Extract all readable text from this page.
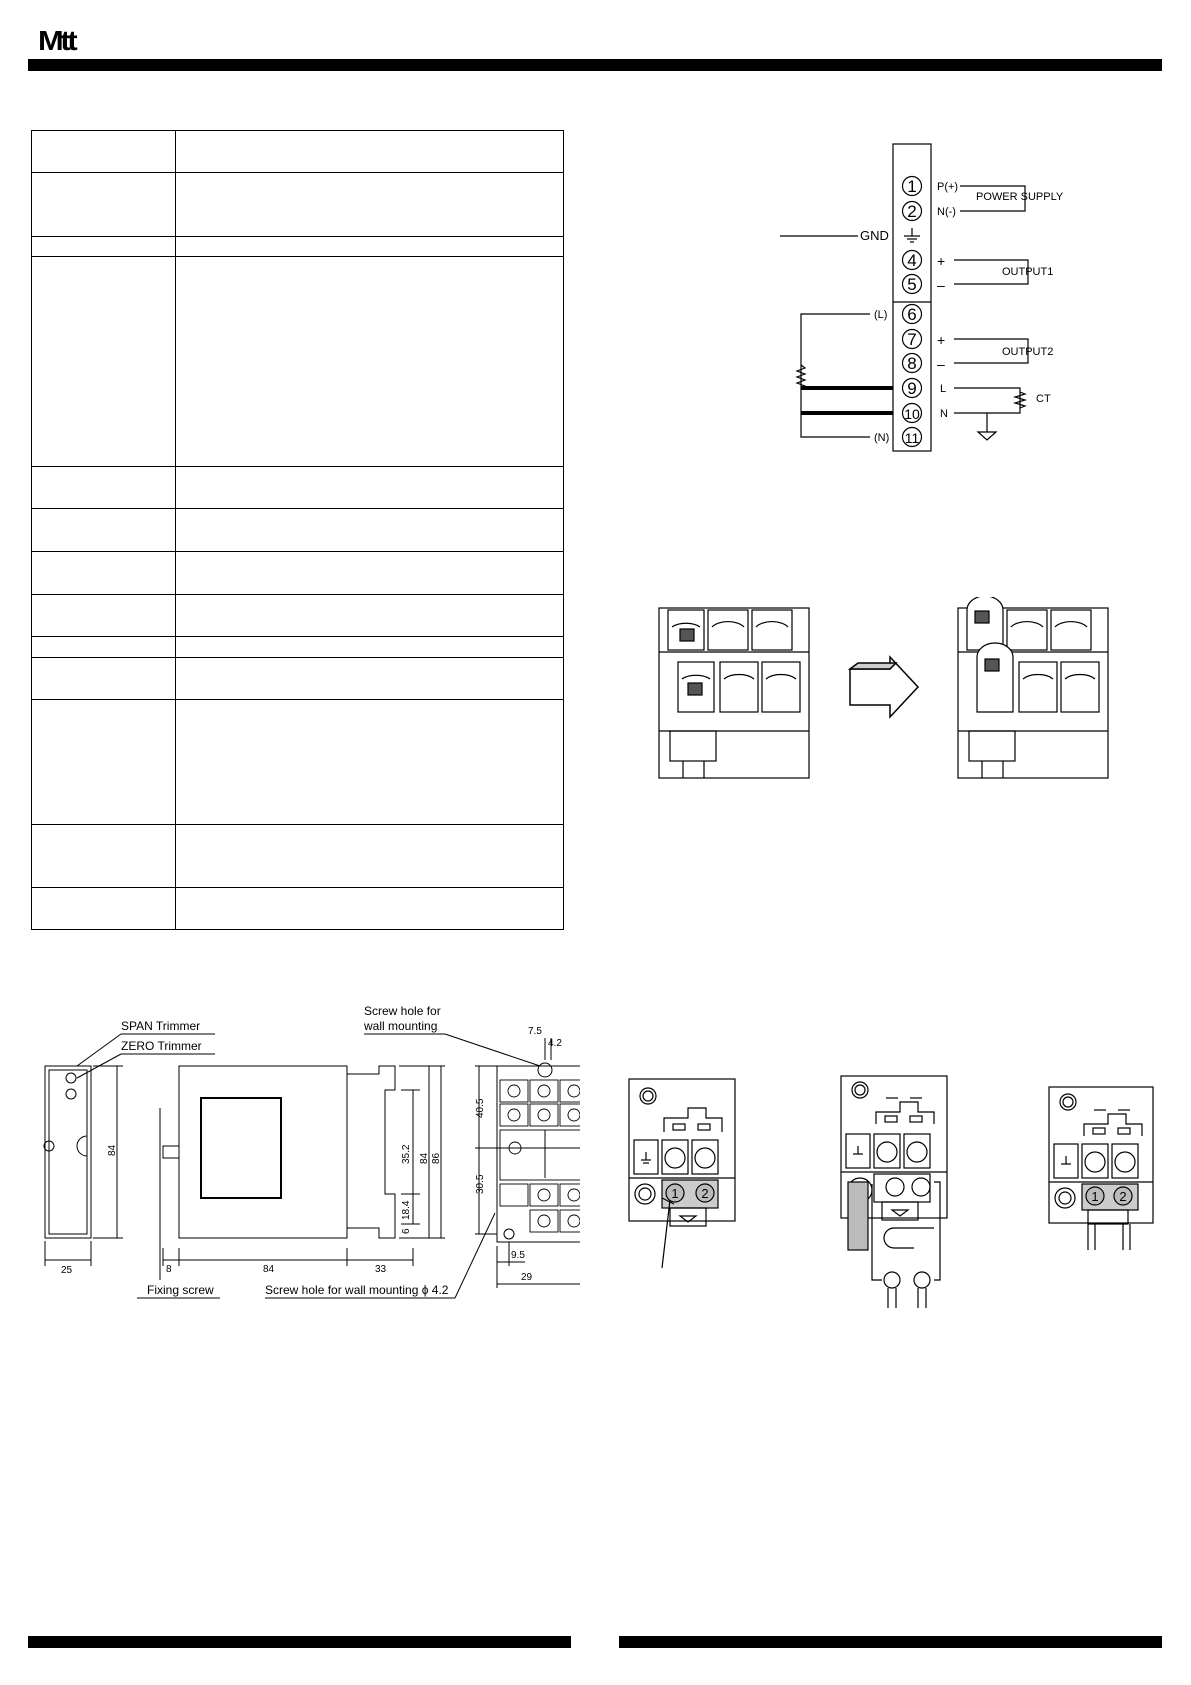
Mtt

1
2
4
5
6
7
8
9
10
11
P(+)
N(-)
POWER SUPPLY
GND
+
–
OUTPUT1
(L)
+
–
OUTPUT2
L
N
CT
(N)
SPAN Trimmer
ZERO Trimmer
Screw hole for
wall mounting
Fixing screw	Screw hole for wall mounting ϕ 4.2
25
84
8	84	33
35.2 84 86
18.4
6
7.5
4.2
40.5
30.5
9.5
29
1 2	1 2
